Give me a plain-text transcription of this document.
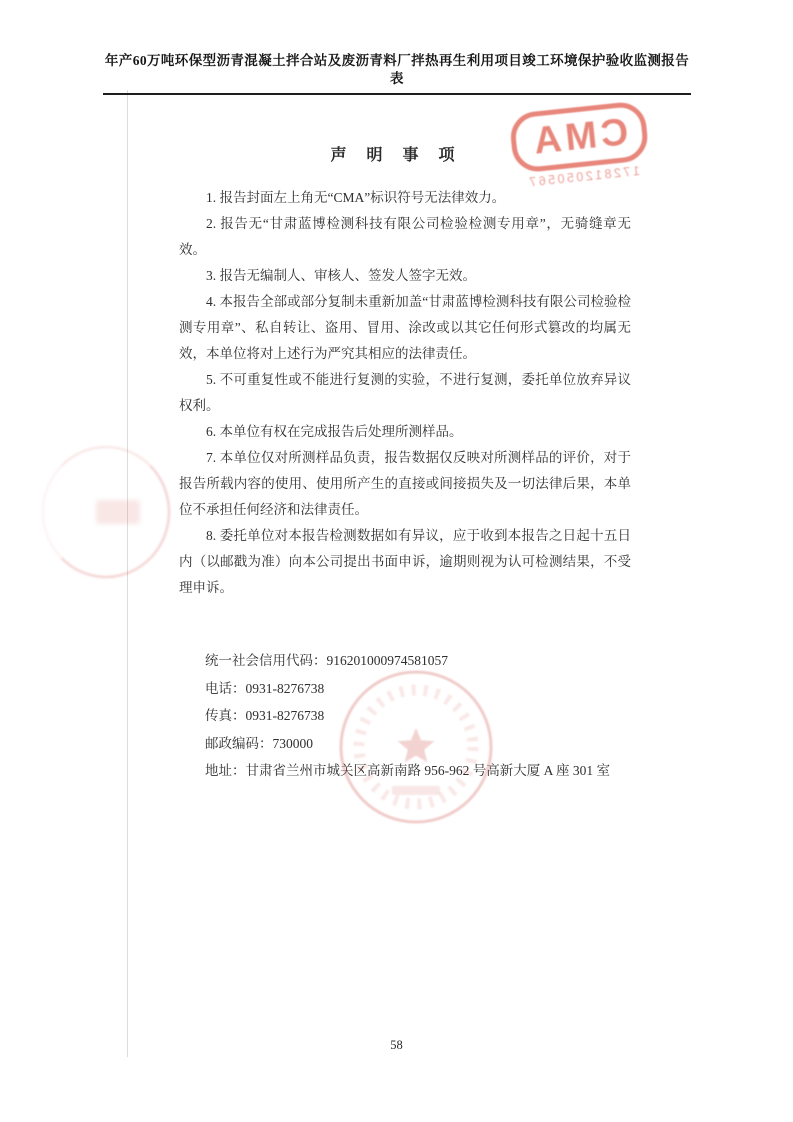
年产60万吨环保型沥青混凝土拌合站及废沥青料厂拌热再生利用项目竣工环境保护验收监测报告表
声 明 事 项

1. 报告封面左上角无“CMA”标识符号无法律效力。

2. 报告无“甘肃蓝博检测科技有限公司检验检测专用章”，无骑缝章无效。

3. 报告无编制人、审核人、签发人签字无效。

4. 本报告全部或部分复制未重新加盖“甘肃蓝博检测科技有限公司检验检测专用章”、私自转让、盗用、冒用、涂改或以其它任何形式篡改的均属无效，本单位将对上述行为严究其相应的法律责任。

5. 不可重复性或不能进行复测的实验，不进行复测，委托单位放弃异议权利。

6. 本单位有权在完成报告后处理所测样品。

7. 本单位仅对所测样品负责，报告数据仅反映对所测样品的评价，对于报告所载内容的使用、使用所产生的直接或间接损失及一切法律后果，本单位不承担任何经济和法律责任。

8. 委托单位对本报告检测数据如有异议，应于收到本报告之日起十五日内（以邮戳为准）向本公司提出书面申诉，逾期则视为认可检测结果，不受理申诉。

统一社会信用代码：916201000974581057
电话：0931-8276738
传真：0931-8276738
邮政编码：730000
地址：甘肃省兰州市城关区高新南路 956-962 号高新大厦 A 座 301 室
58
CMA
172812050567
